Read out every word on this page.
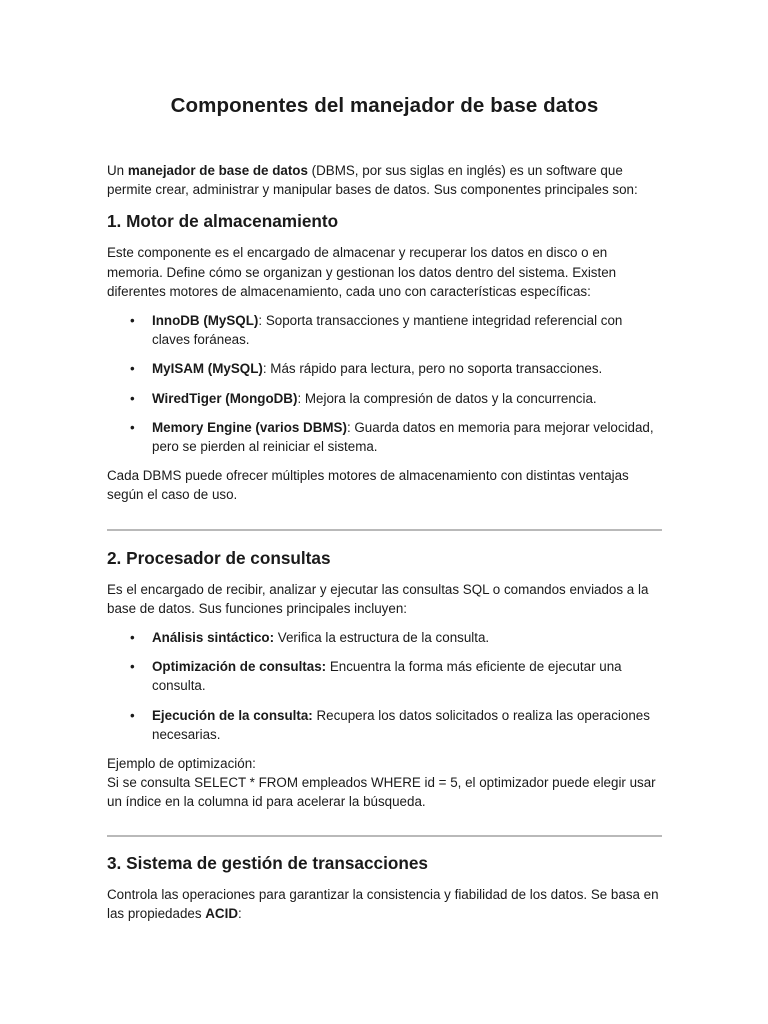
Componentes del manejador de base datos

Un manejador de base de datos (DBMS, por sus siglas en inglés) es un software que permite crear, administrar y manipular bases de datos. Sus componentes principales son:

1. Motor de almacenamiento

Este componente es el encargado de almacenar y recuperar los datos en disco o en memoria. Define cómo se organizan y gestionan los datos dentro del sistema. Existen diferentes motores de almacenamiento, cada uno con características específicas:

• InnoDB (MySQL): Soporta transacciones y mantiene integridad referencial con claves foráneas.
• MyISAM (MySQL): Más rápido para lectura, pero no soporta transacciones.
• WiredTiger (MongoDB): Mejora la compresión de datos y la concurrencia.
• Memory Engine (varios DBMS): Guarda datos en memoria para mejorar velocidad, pero se pierden al reiniciar el sistema.

Cada DBMS puede ofrecer múltiples motores de almacenamiento con distintas ventajas según el caso de uso.

2. Procesador de consultas

Es el encargado de recibir, analizar y ejecutar las consultas SQL o comandos enviados a la base de datos. Sus funciones principales incluyen:

• Análisis sintáctico: Verifica la estructura de la consulta.
• Optimización de consultas: Encuentra la forma más eficiente de ejecutar una consulta.
• Ejecución de la consulta: Recupera los datos solicitados o realiza las operaciones necesarias.

Ejemplo de optimización:
Si se consulta SELECT * FROM empleados WHERE id = 5, el optimizador puede elegir usar un índice en la columna id para acelerar la búsqueda.

3. Sistema de gestión de transacciones

Controla las operaciones para garantizar la consistencia y fiabilidad de los datos. Se basa en las propiedades ACID:
